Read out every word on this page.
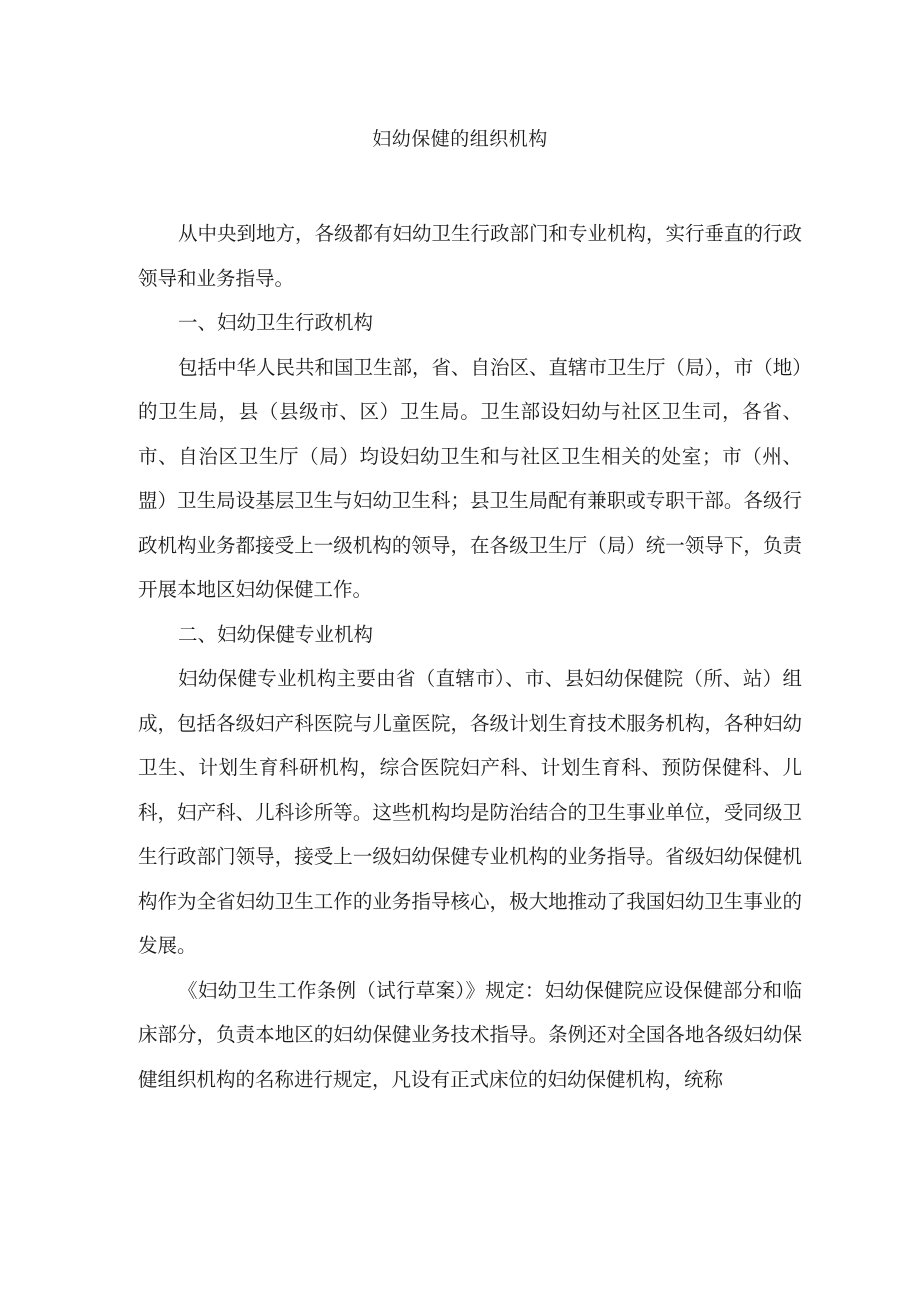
妇幼保健的组织机构

从中央到地方，各级都有妇幼卫生行政部门和专业机构，实行垂直的行政领导和业务指导。

一、妇幼卫生行政机构

包括中华人民共和国卫生部，省、自治区、直辖市卫生厅（局），市（地）的卫生局，县（县级市、区）卫生局。卫生部设妇幼与社区卫生司，各省、市、自治区卫生厅（局）均设妇幼卫生和与社区卫生相关的处室；市（州、盟）卫生局设基层卫生与妇幼卫生科；县卫生局配有兼职或专职干部。各级行政机构业务都接受上一级机构的领导，在各级卫生厅（局）统一领导下，负责开展本地区妇幼保健工作。

二、妇幼保健专业机构

妇幼保健专业机构主要由省（直辖市）、市、县妇幼保健院（所、站）组成，包括各级妇产科医院与儿童医院，各级计划生育技术服务机构，各种妇幼卫生、计划生育科研机构，综合医院妇产科、计划生育科、预防保健科、儿科，妇产科、儿科诊所等。这些机构均是防治结合的卫生事业单位，受同级卫生行政部门领导，接受上一级妇幼保健专业机构的业务指导。省级妇幼保健机构作为全省妇幼卫生工作的业务指导核心，极大地推动了我国妇幼卫生事业的发展。

《妇幼卫生工作条例（试行草案）》规定：妇幼保健院应设保健部分和临床部分，负责本地区的妇幼保健业务技术指导。条例还对全国各地各级妇幼保健组织机构的名称进行规定，凡设有正式床位的妇幼保健机构，统称
